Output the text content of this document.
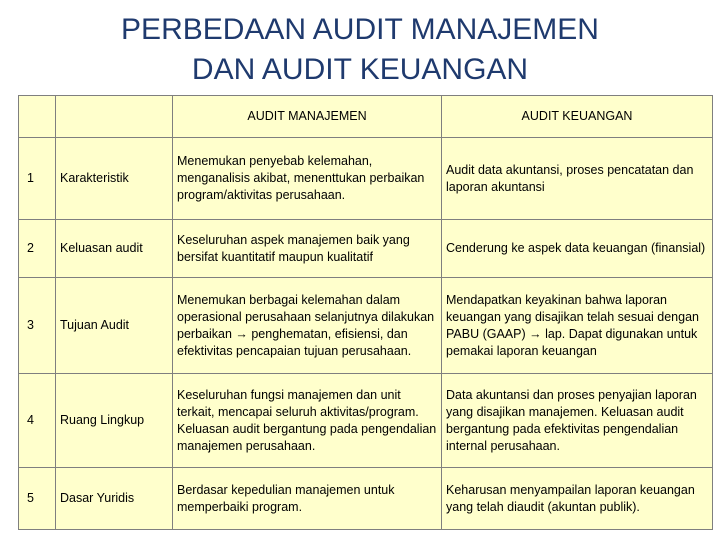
PERBEDAAN AUDIT MANAJEMEN
DAN AUDIT KEUANGAN
		AUDIT MANAJEMEN	AUDIT KEUANGAN
1	Karakteristik	Menemukan penyebab kelemahan, menganalisis akibat, menenttukan perbaikan program/aktivitas perusahaan.	Audit data akuntansi, proses pencatatan dan laporan akuntansi
2	Keluasan audit	Keseluruhan aspek manajemen baik yang bersifat kuantitatif maupun kualitatif	Cenderung ke aspek data keuangan (finansial)
3	Tujuan Audit	Menemukan berbagai kelemahan dalam operasional perusahaan selanjutnya dilakukan perbaikan → penghematan, efisiensi, dan efektivitas pencapaian tujuan perusahaan.	Mendapatkan keyakinan bahwa laporan keuangan yang disajikan telah sesuai dengan PABU (GAAP) → lap. Dapat digunakan untuk pemakai laporan keuangan
4	Ruang Lingkup	Keseluruhan fungsi manajemen dan unit terkait, mencapai seluruh aktivitas/program. Keluasan audit bergantung pada pengendalian manajemen perusahaan.	Data akuntansi dan proses penyajian laporan yang disajikan manajemen. Keluasan audit bergantung pada efektivitas pengendalian internal perusahaan.
5	Dasar Yuridis	Berdasar kepedulian manajemen untuk memperbaiki program.	Keharusan menyampailan laporan keuangan yang telah diaudit (akuntan publik).
